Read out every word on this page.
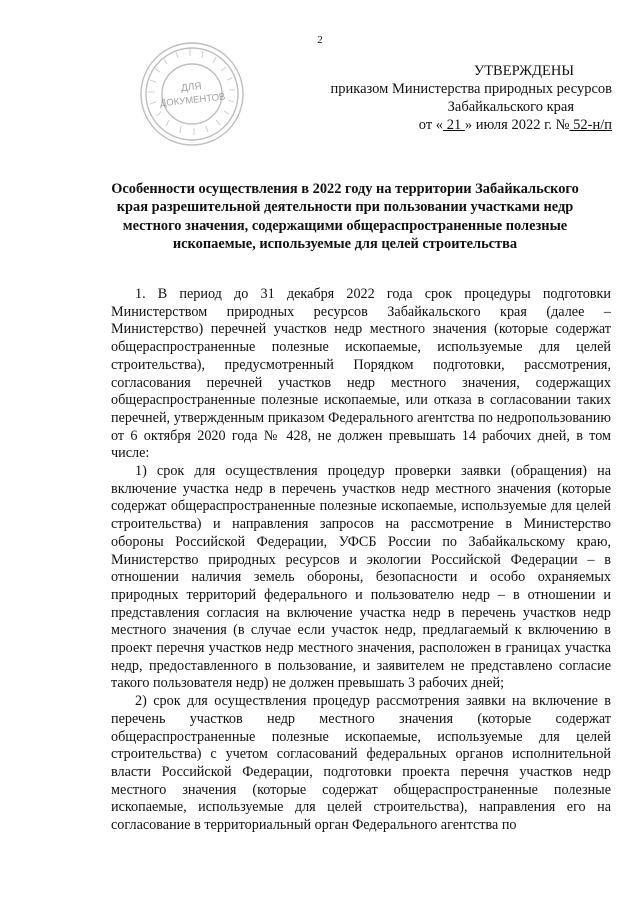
2
ДЛЯ
ДОКУМЕНТОВ
УТВЕРЖДЕНЫ
приказом Министерства природных ресурсов
Забайкальского края
от « 21 » июля 2022 г. № 52-н/п
Особенности осуществления в 2022 году на территории Забайкальского края разрешительной деятельности при пользовании участками недр местного значения, содержащими общераспространенные полезные ископаемые, используемые для целей строительства

1. В период до 31 декабря 2022 года срок процедуры подготовки Министерством природных ресурсов Забайкальского края (далее – Министерство) перечней участков недр местного значения (которые содержат общераспространенные полезные ископаемые, используемые для целей строительства), предусмотренный Порядком подготовки, рассмотрения, согласования перечней участков недр местного значения, содержащих общераспространенные полезные ископаемые, или отказа в согласовании таких перечней, утвержденным приказом Федерального агентства по недропользованию от 6 октября 2020 года № 428, не должен превышать 14 рабочих дней, в том числе:

1) срок для осуществления процедур проверки заявки (обращения) на включение участка недр в перечень участков недр местного значения (которые содержат общераспространенные полезные ископаемые, используемые для целей строительства) и направления запросов на рассмотрение в Министерство обороны Российской Федерации, УФСБ России по Забайкальскому краю, Министерство природных ресурсов и экологии Российской Федерации – в отношении наличия земель обороны, безопасности и особо охраняемых природных территорий федерального и пользователю недр – в отношении и представления согласия на включение участка недр в перечень участков недр местного значения (в случае если участок недр, предлагаемый к включению в проект перечня участков недр местного значения, расположен в границах участка недр, предоставленного в пользование, и заявителем не представлено согласие такого пользователя недр) не должен превышать 3 рабочих дней;

2) срок для осуществления процедур рассмотрения заявки на включение в перечень участков недр местного значения (которые содержат общераспространенные полезные ископаемые, используемые для целей строительства) с учетом согласований федеральных органов исполнительной власти Российской Федерации, подготовки проекта перечня участков недр местного значения (которые содержат общераспространенные полезные ископаемые, используемые для целей строительства), направления его на согласование в территориальный орган Федерального агентства по
